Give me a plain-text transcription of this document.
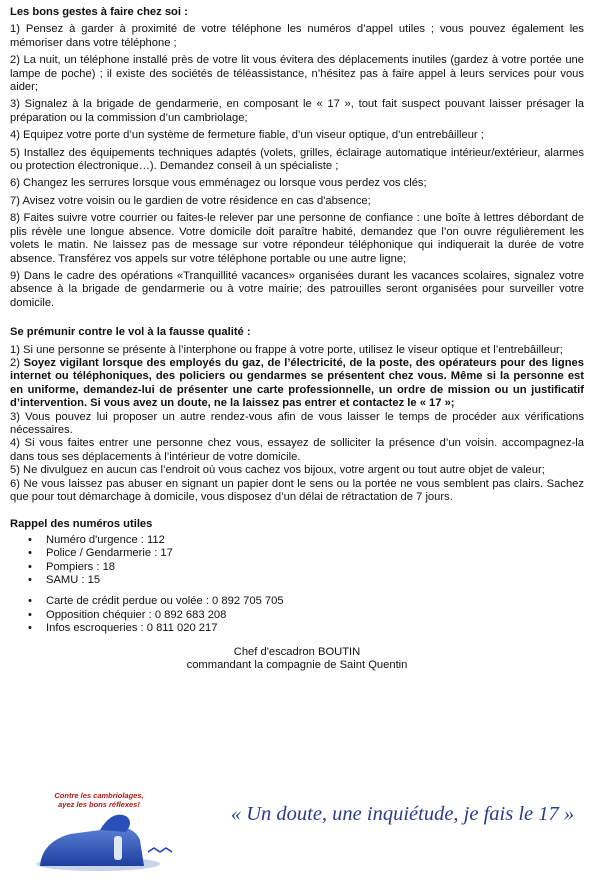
Les bons gestes à faire chez soi :

1) Pensez à garder à proximité de votre téléphone les numéros d’appel utiles ; vous pouvez également les mémoriser dans votre téléphone ;

2) La nuit, un téléphone installé près de votre lit vous évitera des déplacements inutiles (gardez à votre portée une lampe de poche) ; il existe des sociétés de téléassistance, n’hésitez pas à faire appel à leurs services pour vous aider;

3) Signalez à la brigade de gendarmerie, en composant le « 17 », tout fait suspect pouvant laisser présager la préparation ou la commission d’un cambriolage;

4) Equipez votre porte d’un système de fermeture fiable, d’un viseur optique, d’un entrebâilleur ;

5) Installez des équipements techniques adaptés (volets, grilles, éclairage automatique intérieur/extérieur, alarmes ou protection électronique…). Demandez conseil à un spécialiste ;

6) Changez les serrures lorsque vous emménagez ou lorsque vous perdez vos clés;

7) Avisez votre voisin ou le gardien de votre résidence en cas d'absence;

8) Faites suivre votre courrier ou faites-le relever par une personne de confiance : une boîte à lettres débordant de plis révèle une longue absence. Votre domicile doit paraître habité, demandez que l’on ouvre régulièrement les volets le matin. Ne laissez pas de message sur votre répondeur téléphonique qui indiquerait la durée de votre absence. Transférez vos appels sur votre téléphone portable ou une autre ligne;

9) Dans le cadre des opérations «Tranquillité vacances» organisées durant les vacances scolaires, signalez votre absence à la brigade de gendarmerie ou à votre mairie; des patrouilles seront organisées pour surveiller votre domicile.

Se prémunir contre le vol à la fausse qualité :

1) Si une personne se présente à l’interphone ou frappe à votre porte, utilisez le viseur optique et l’entrebâilleur;

2) Soyez vigilant lorsque des employés du gaz, de l’électricité, de la poste, des opérateurs pour des lignes internet ou téléphoniques, des policiers ou gendarmes se présentent chez vous. Même si la personne est en uniforme, demandez-lui de présenter une carte professionnelle, un ordre de mission ou un justificatif d’intervention. Si vous avez un doute, ne la laissez pas entrer et contactez le « 17 »;

3) Vous pouvez lui proposer un autre rendez-vous afin de vous laisser le temps de procéder aux vérifications nécessaires.

4) Si vous faites entrer une personne chez vous, essayez de solliciter la présence d’un voisin. accompagnez-la dans tous ses déplacements à l’intérieur de votre domicile.

5) Ne divulguez en aucun cas l’endroit où vous cachez vos bijoux, votre argent ou tout autre objet de valeur;

6) Ne vous laissez pas abuser en signant un papier dont le sens ou la portée ne vous semblent pas clairs. Sachez que pour tout démarchage à domicile, vous disposez d’un délai de rétractation de 7 jours.

Rappel des numéros utiles
• Numéro d'urgence : 112
• Police / Gendarmerie : 17
• Pompiers : 18
• SAMU : 15
• Carte de crédit perdue ou volée : 0 892 705 705
• Opposition chéquier : 0 892 683 208
• Infos escroqueries : 0 811 020 217
Chef d'escadron BOUTIN
commandant la compagnie de Saint Quentin
Contre les cambriolages,
ayez les bons réflexes!	« Un doute, une inquiétude, je fais le 17 »
